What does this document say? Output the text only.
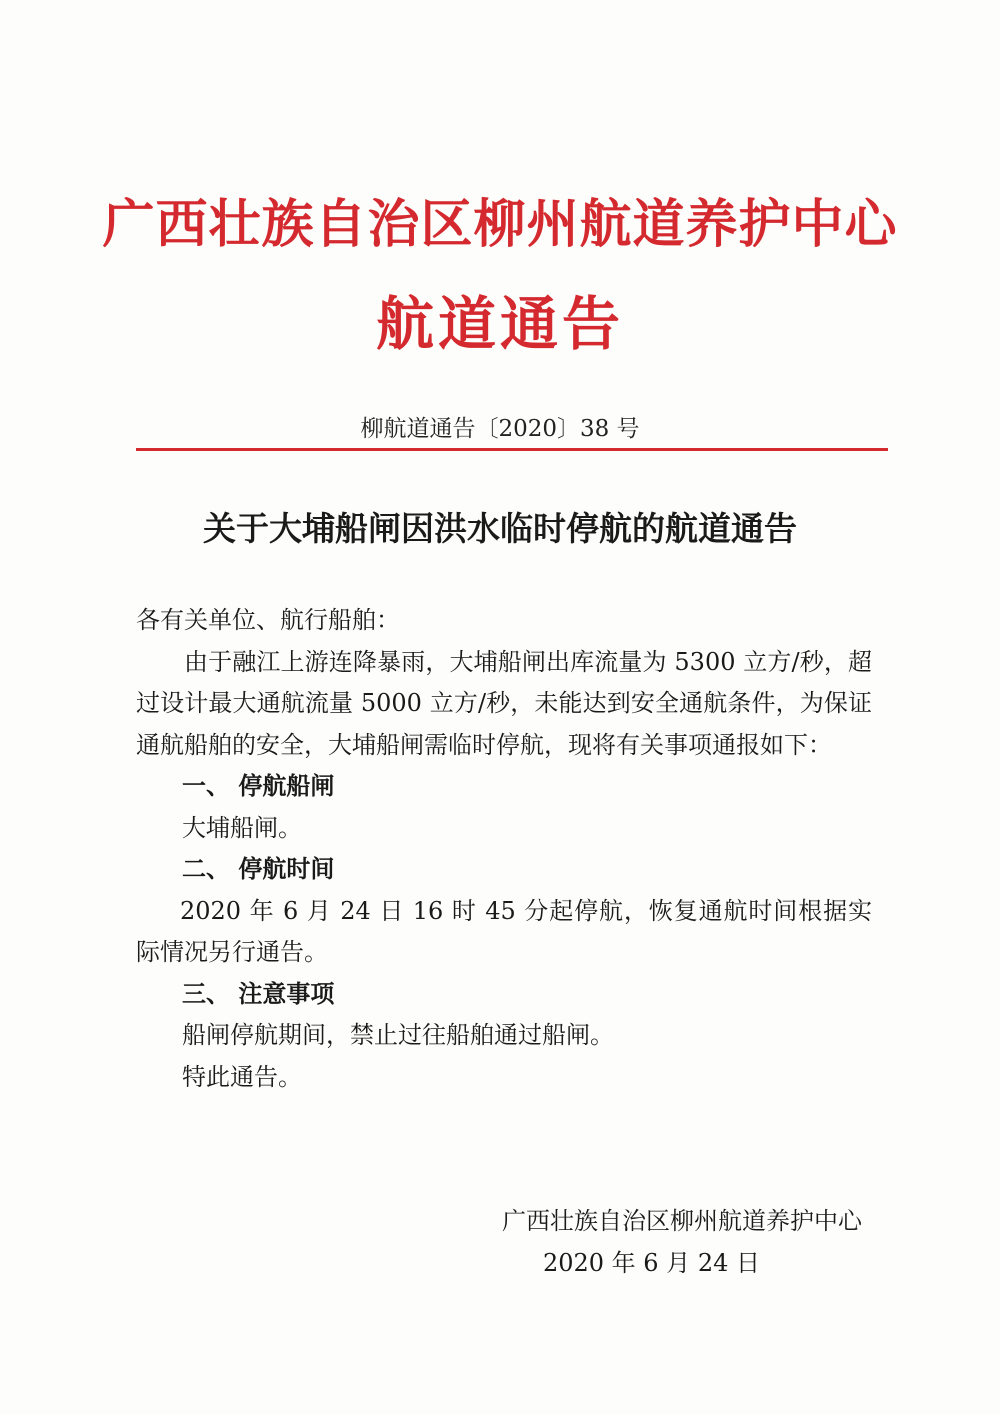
广西壮族自治区柳州航道养护中心
航道通告
柳航道通告〔2020〕38 号
关于大埔船闸因洪水临时停航的航道通告

各有关单位、航行船舶：

由于融江上游连降暴雨，大埔船闸出库流量为 5300 立方/秒，超过设计最大通航流量 5000 立方/秒，未能达到安全通航条件，为保证通航船舶的安全，大埔船闸需临时停航，现将有关事项通报如下：

一、 停航船闸

大埔船闸。

二、 停航时间

2020 年 6 月 24 日 16 时 45 分起停航，恢复通航时间根据实际情况另行通告。

三、 注意事项

船闸停航期间，禁止过往船舶通过船闸。

特此通告。

广西壮族自治区柳州航道养护中心
2020 年 6 月 24 日
